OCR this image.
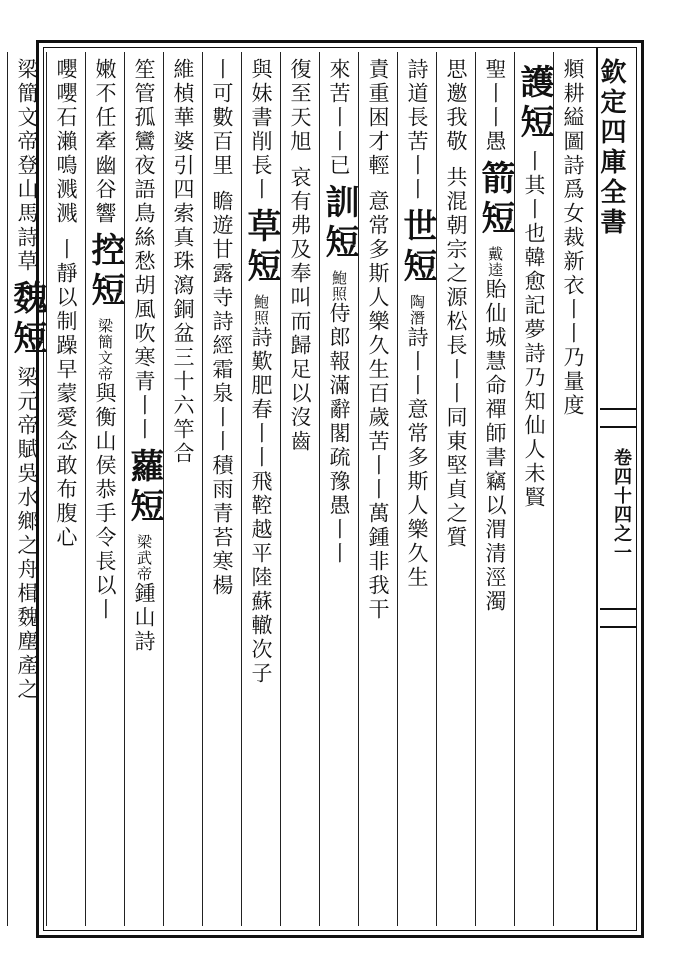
欽定四庫全書
卷四十四之一
頫耕縊圖詩爲女裁新衣丨丨乃量度
護短丨其丨也韓愈記夢詩乃知仙人未賢
聖丨丨愚箭短戴逵貽仙城慧命禪師書竊以渭清涇濁
思邀我敬共混朝宗之源松長丨丨同東堅貞之質
詩道長苦丨丨世短陶潛詩丨丨意常多斯人樂久生
責重困才輕意常多斯人樂久生百歲苦丨丨萬鍾非我干
來苦丨丨已訓短鮑照侍郎報滿辭閣疏豫愚丨丨
復至天旭哀有弗及奉叫而歸足以沒齒
與妹書削長丨草短鮑照詩歎肥春丨丨飛鞚越平陸蘇轍次子
丨可數百里瞻遊甘露寺詩經霜泉丨丨積雨青苔寒楊
維楨華婆引四索真珠瀉銅盆三十六竿合
笙管孤鸞夜語鳥絲愁胡風吹寒青丨丨蘿短梁武帝鍾山詩
嫩不任牽幽谷響控短梁簡文帝與衡山侯恭手令長以丨
嚶嚶石瀨鳴溅溅丨靜以制躁早蒙愛念敢布腹心
梁簡文帝登山馬詩草魏短梁元帝賦吳水鄉之舟楫魏塵產之
